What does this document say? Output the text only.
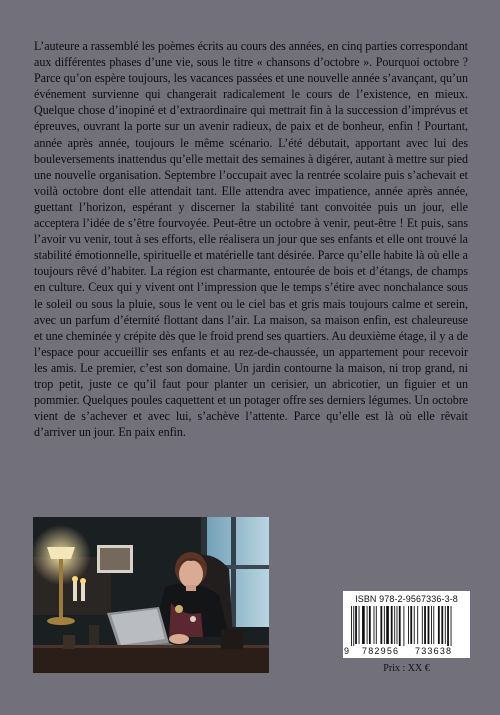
L’auteure a rassemblé les poèmes écrits au cours des années, en cinq parties correspondant aux différentes phases d’une vie, sous le titre « chansons d’octobre ». Pourquoi octobre ? Parce qu’on espère toujours, les vacances passées et une nouvelle année s’avançant, qu’un événement survienne qui changerait radicalement le cours de l’existence, en mieux. Quelque chose d’inopiné et d’extraordinaire qui mettrait fin à la succession d’imprévus et épreuves, ouvrant la porte sur un avenir radieux, de paix et de bonheur, enfin ! Pourtant, année après année, toujours le même scénario. L’été débutait, apportant avec lui des bouleversements inattendus qu’elle mettait des semaines à digérer, autant à mettre sur pied une nouvelle organisation. Septembre l’occupait avec la rentrée scolaire puis s’achevait et voilà octobre dont elle attendait tant. Elle attendra avec impatience, année après année, guettant l’horizon, espérant y discerner la stabilité tant convoitée puis un jour, elle acceptera l’idée de s’être fourvoyée. Peut-être un octobre à venir, peut-être ! Et puis, sans l’avoir vu venir, tout à ses efforts, elle réalisera un jour que ses enfants et elle ont trouvé la stabilité émotionnelle, spirituelle et matérielle tant désirée. Parce qu’elle habite là où elle a toujours rêvé d’habiter. La région est charmante, entourée de bois et d’étangs, de champs en culture. Ceux qui y vivent ont l’impression que le temps s’étire avec nonchalance sous le soleil ou sous la pluie, sous le vent ou le ciel bas et gris mais toujours calme et serein, avec un parfum d’éternité flottant dans l’air. La maison, sa maison enfin, est chaleureuse et une cheminée y crépite dès que le froid prend ses quartiers. Au deuxième étage, il y a de l’espace pour accueillir ses enfants et au rez-de-chaussée, un appartement pour recevoir les amis. Le premier, c’est son domaine. Un jardin contourne la maison, ni trop grand, ni trop petit, juste ce qu’il faut pour planter un cerisier, un abricotier, un figuier et un pommier. Quelques poules caquettent et un potager offre ses derniers légumes. Un octobre vient de s’achever et avec lui, s’achève l’attente. Parce qu’elle est là où elle rêvait d’arriver un jour. En paix enfin.

ISBN 978-2-9567336-3-8
9 782956 733638
Prix : XX €
